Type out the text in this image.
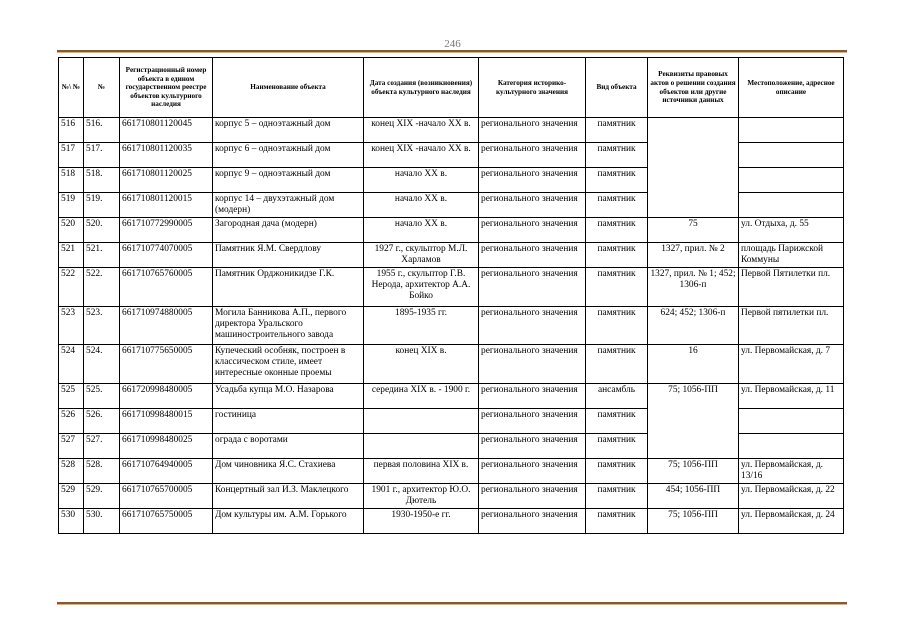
246
№\ №	№	Регистрационный номер объекта в едином государственном реестре объектов культурного наследия	Наименование объекта	Дата создания (возникновения) объекта культурного наследия	Категория историко-культурного значения	Вид объекта	Реквизиты правовых актов о решении создания объектов или другие источники данных	Местоположение, адресное описание
516	516.	661710801120045	корпус 5 – одноэтажный дом	конец XIX -начало XX в.	регионального значения	памятник		
517	517.	661710801120035	корпус 6 – одноэтажный дом	конец XIX -начало XX в.	регионального значения	памятник		
518	518.	661710801120025	корпус 9 – одноэтажный дом	начало XX в.	регионального значения	памятник		
519	519.	661710801120015	корпус 14 – двухэтажный дом (модерн)	начало XX в.	регионального значения	памятник		
520	520.	661710772990005	Загородная дача (модерн)	начало XX в.	регионального значения	памятник	75	ул. Отдыха, д. 55
521	521.	661710774070005	Памятник Я.М. Свердлову	1927 г., скульптор М.Л. Харламов	регионального значения	памятник	1327, прил. № 2	площадь Парижской Коммуны
522	522.	661710765760005	Памятник Орджоникидзе Г.К.	1955 г., скульптор Г.В. Нерода, архитектор А.А. Бойко	регионального значения	памятник	1327, прил. № 1; 452; 1306-п	Первой Пятилетки пл.
523	523.	661710974880005	Могила Банникова А.П., первого директора Уральского машиностроительного завода	1895-1935 гг.	регионального значения	памятник	624; 452; 1306-п	Первой пятилетки пл.
524	524.	661710775650005	Купеческий особняк, построен в классическом стиле, имеет интересные оконные проемы	конец XIX в.	регионального значения	памятник	16	ул. Первомайская, д. 7
525	525.	661720998480005	Усадьба купца М.О. Назарова	середина XIX в. - 1900 г.	регионального значения	ансамбль	75; 1056-ПП	ул. Первомайская, д. 11
526	526.	661710998480015	гостиница		регионального значения	памятник		
527	527.	661710998480025	ограда с воротами		регионального значения	памятник		
528	528.	661710764940005	Дом чиновника Я.С. Стахиева	первая половина XIX в.	регионального значения	памятник	75; 1056-ПП	ул. Первомайская, д. 13/16
529	529.	661710765700005	Концертный зал И.З. Маклецкого	1901 г., архитектор Ю.О. Дютель	регионального значения	памятник	454; 1056-ПП	ул. Первомайская, д. 22
530	530.	661710765750005	Дом культуры им. А.М. Горького	1930-1950-е гг.	регионального значения	памятник	75; 1056-ПП	ул. Первомайская, д. 24
